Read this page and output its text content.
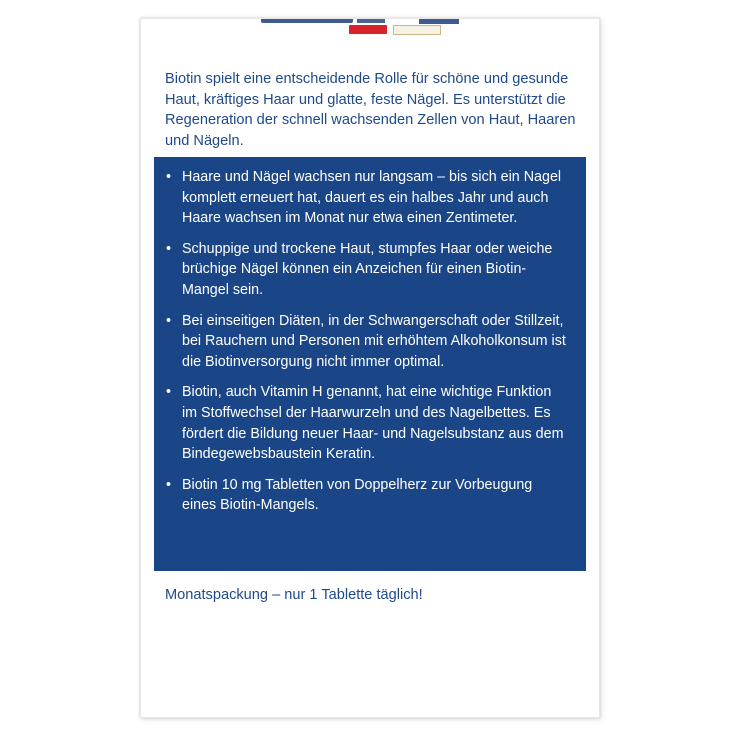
Biotin spielt eine entscheidende Rolle für schöne und gesunde Haut, kräftiges Haar und glatte, feste Nägel. Es unterstützt die Regeneration der schnell wachsenden Zellen von Haut, Haaren und Nägeln.

• Haare und Nägel wachsen nur langsam – bis sich ein Nagel komplett erneuert hat, dauert es ein halbes Jahr und auch Haare wachsen im Monat nur etwa einen Zentimeter.
• Schuppige und trockene Haut, stumpfes Haar oder weiche brüchige Nägel können ein Anzeichen für einen Biotin-Mangel sein.
• Bei einseitigen Diäten, in der Schwangerschaft oder Stillzeit, bei Rauchern und Personen mit erhöhtem Alkoholkonsum ist die Biotinversorgung nicht immer optimal.
• Biotin, auch Vitamin H genannt, hat eine wichtige Funktion im Stoffwechsel der Haarwurzeln und des Nagelbettes. Es fördert die Bildung neuer Haar- und Nagelsubstanz aus dem Bindegewebsbaustein Keratin.
• Biotin 10 mg Tabletten von Doppelherz zur Vorbeugung eines Biotin-Mangels.

Monatspackung – nur 1 Tablette täglich!
